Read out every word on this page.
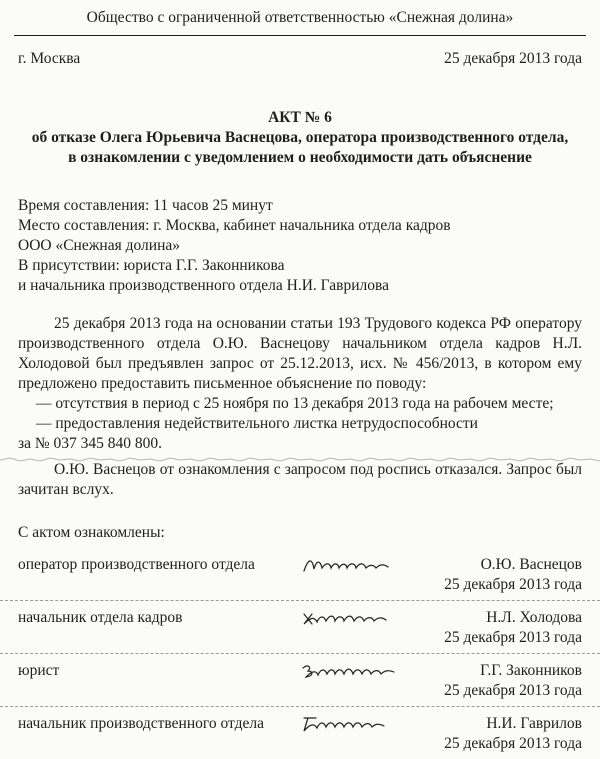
Общество с ограниченной ответственностью «Снежная долина»
г. Москва	25 декабря 2013 года
АКТ № 6
об отказе Олега Юрьевича Васнецова, оператора производственного отдела,
в ознакомлении с уведомлением о необходимости дать объяснение
Время составления: 11 часов 25 минут
Место составления: г. Москва, кабинет начальника отдела кадров
ООО «Снежная долина»
В присутствии: юриста Г.Г. Законникова
и начальника производственного отдела Н.И. Гаврилова
25 декабря 2013 года на основании статьи 193 Трудового кодекса РФ оператору производственного отдела О.Ю. Васнецову начальником отдела кадров Н.Л. Холодовой был предъявлен запрос от 25.12.2013, исх. № 456/2013, в котором ему предложено предоставить письменное объяснение по поводу:
— отсутствия в период с 25 ноября по 13 декабря 2013 года на рабочем месте;
— предоставления недействительного листка нетрудоспособности
за № 037 345 840 800.
О.Ю. Васнецов от ознакомления с запросом под роспись отказался. Запрос был зачитан вслух.
С актом ознакомлены:
оператор производственного отдела	О.Ю. Васнецов
25 декабря 2013 года
начальник отдела кадров	Н.Л. Холодова
25 декабря 2013 года
юрист	Г.Г. Законников
25 декабря 2013 года
начальник производственного отдела	Н.И. Гаврилов
25 декабря 2013 года
